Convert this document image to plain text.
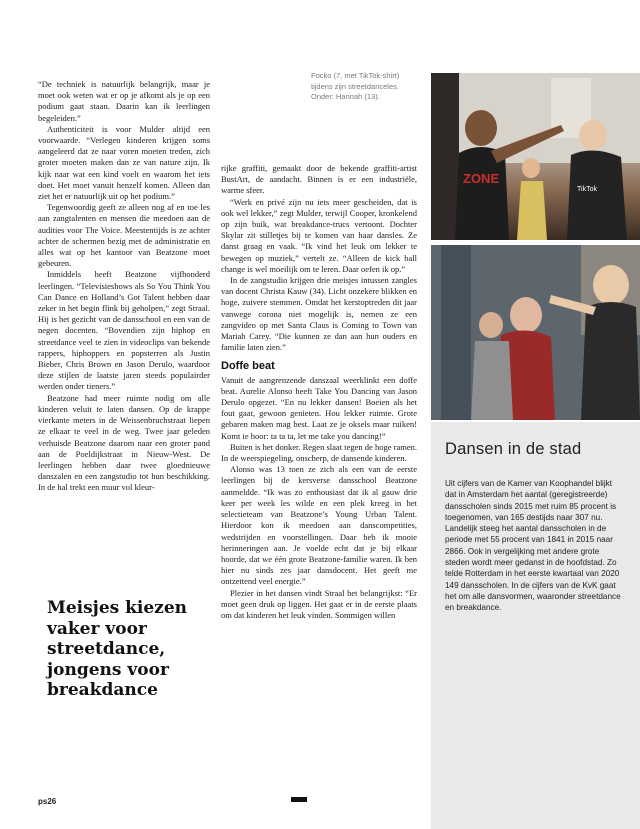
ZONE
TikTok
Focko (7, met TikTok-shirt) tijdens zijn streetdanceles. Onder: Hannah (13).

“De techniek is natuurlijk belangrijk, maar je moet ook weten wat er op je afkomt als je op een podium gaat staan. Daarin kan ik leerlingen begeleiden.”

Authenticiteit is voor Mulder altijd een voorwaarde. “Verlegen kinderen krijgen soms aangeleerd dat ze naar voren moeten treden, zich groter moeten maken dan ze van nature zijn. Ik kijk naar wat een kind voelt en waarom het iets doet. Het moet vanuit henzelf komen. Alleen dan ziet het er natuurlijk uit op het podium.”

Tegenwoordig geeft ze alleen nog af en toe les aan zangtalenten en mensen die meedoen aan de audities voor The Voice. Meestentijds is ze achter achter de schermen bezig met de administratie en alles wat op het kantoor van Beatzone moet gebeuren.

Inmiddels heeft Beatzone vijfhonderd leerlingen. “Televisieshows als So You Think You Can Dance en Holland’s Got Talent hebben daar zeker in het begin flink bij geholpen,” zegt Straal. Hij is het gezicht van de dansschool en een van de negen docenten. “Bovendien zijn hiphop en streetdance veel te zien in videoclips van bekende rappers, hiphoppers en popsterren als Justin Bieber, Chris Brown en Jason Derulo, waardoor deze stijlen de laatste jaren steeds populairder werden onder tieners.”

Beatzone had meer ruimte nodig om alle kinderen veluit te laten dansen. Op de krappe vierkante meters in de Weissenbruchstraat liepen ze elkaar te veel in de weg. Twee jaar geleden verhuisde Beatzone daarom naar een groter pand aan de Poeldijkstraat in Nieuw-West. De leerlingen hebben daar twee gloednieuwe danszalen en een zangstudio tot hun beschikking. In de hal trekt een muur vol kleur-

rijke graffiti, gemaakt door de bekende graffiti-artist BustArt, de aandacht. Binnen is er een industriële, warme sfeer.

“Werk en privé zijn nu iets meer gescheiden, dat is ook wel lekker,” zegt Mulder, terwijl Cooper, kronkelend op zijn buik, wat breakdance-trucs vertoont. Dochter Skylar zit stilletjes bij te komen van haar dansles. Ze danst graag en vaak. “Ik vind het leuk om lekker te bewegen op muziek,” vertelt ze. “Alleen de kick ball change is wel moeilijk om te leren. Daar oefen ik op.”

In de zangstudio krijgen drie meisjes intussen zangles van docent Christa Kauw (34). Licht onzekere blikken en hoge, zuivere stemmen. Omdat het kerstoptreden dit jaar vanwege corona niet mogelijk is, nemen ze een zangvideo op met Santa Claus is Coming to Town van Mariah Carey. “Die kunnen ze dan aan hun ouders en familie laten zien.”

Doffe beat

Vanuit de aangrenzende danszaal weerklinkt een doffe beat. Aurelie Alonso heeft Take You Dancing van Jason Derulo opgezet. “En nu lekker dansen! Boeien als het fout gaat, gewoon genieten. Hou lekker ruimte. Grote gebaren maken mag best. Laat ze je oksels maar ruiken! Komt ie hoor: ta ta ta, let me take you dancing!”

Buiten is het donker. Regen slaat tegen de hoge ramen. In de weerspiegeling, onscherp, de dansende kinderen.

Alonso was 13 toen ze zich als een van de eerste leerlingen bij de kersverse dansschool Beatzone aanmeldde. “Ik was zo enthousiast dat ik al gauw drie keer per week les wilde en een plek kreeg in het selectieteam van Beatzone’s Young Urban Talent. Hierdoor kon ik meedoen aan danscompetities, wedstrijden en voorstellingen. Daar heb ik mooie herinneringen aan. Je voelde echt dat je bij elkaar hoorde, dat we één grote Beatzone-familie waren. Ik ben hier nu sinds zes jaar dansdocent. Het geeft me ontzettend veel energie.”

Plezier in het dansen vindt Straal het belangrijkst: “Er moet geen druk op liggen. Het gaat er in de eerste plaats om dat kinderen het leuk vinden. Sommigen willen

Meisjes kiezen vaker voor streetdance, jongens voor breakdance
Dansen in de stad
Uit cijfers van de Kamer van Koophandel blijkt dat in Amsterdam het aantal (geregistreerde) dansscholen sinds 2015 met ruim 85 procent is toegenomen, van 165 destijds naar 307 nu. Landelijk steeg het aantal dansscholen in de periode met 55 procent van 1841 in 2015 naar 2866. Ook in vergelijking met andere grote steden wordt meer gedanst in de hoofdstad. Zo telde Rotterdam in het eerste kwartaal van 2020 149 dansscholen. In de cijfers van de KvK gaat het om alle dansvormen, waaronder streetdance en breakdance.
ps26
